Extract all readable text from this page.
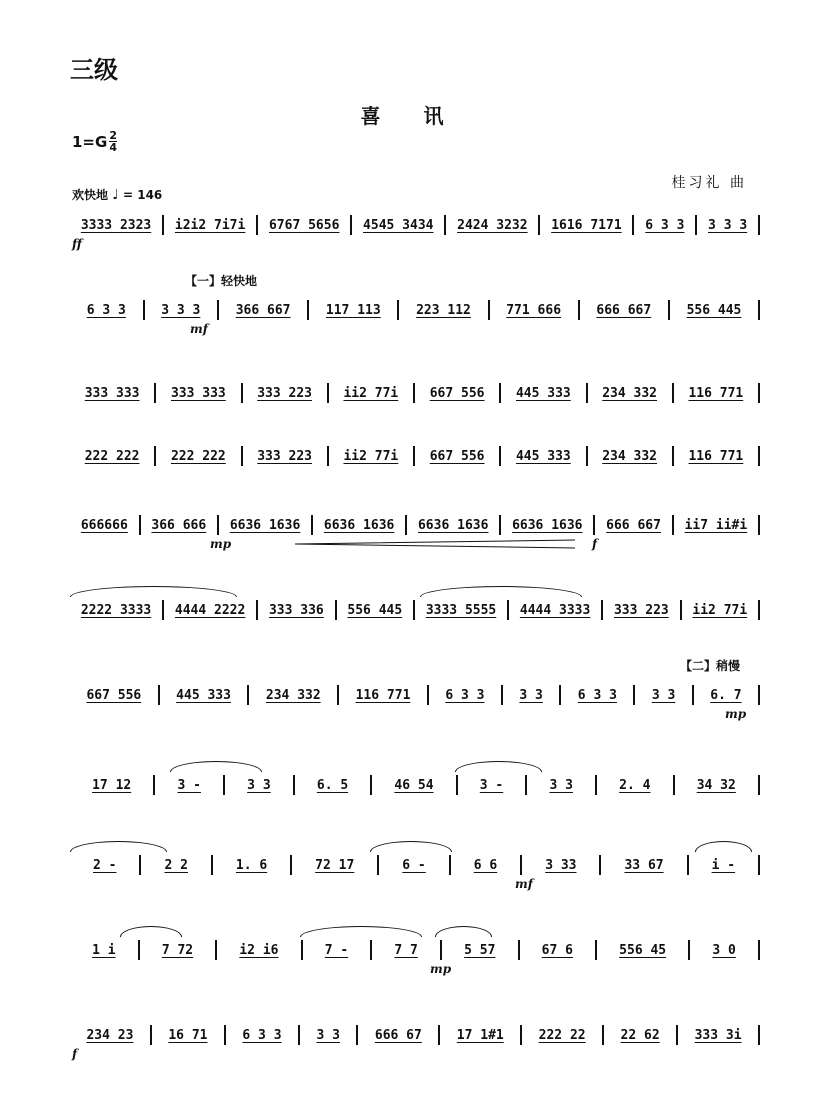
三级
喜 讯
$1=G \frac{2}{4}$
桂习礼 曲
欢快地 ♩ = 146
3333 2323	i2i2 7i7i	6767 5656	4545 3434	2424 3232	1616 7171	6 3 3	3 3 3
ff
【一】轻快地
6 3 3	3 3 3	366 667	117 113	223 112	771 666	666 667	556 445
mf
333 333	333 333	333 223	ii2 77i	667 556	445 333	234 332	116 771
222 222	222 222	333 223	ii2 77i	667 556	445 333	234 332	116 771
666666	366 666	6636 1636	6636 1636	6636 1636	6636 1636	666 667	ii7 ii#i
mp	f
2222 3333	4444 2222	333 336	556 445	3333 5555	4444 3333	333 223	ii2 77i
【二】稍慢
667 556	445 333	234 332	116 771	6 3 3	3 3	6 3 3	3 3	6. 7
mp
17 12	3 -	3 3	6. 5	46 54	3 -	3 3	2. 4	34 32
2 -	2 2	1. 6	72 17	6 -	6 6	3 33	33 67	i -
mf
1 i	7 72	i2 i6	7 -	7 7	5 57	67 6	556 45	3 0
mp
234 23	16 71	6 3 3	3 3	666 67	17 1#1	222 22	22 62	333 3i
f
